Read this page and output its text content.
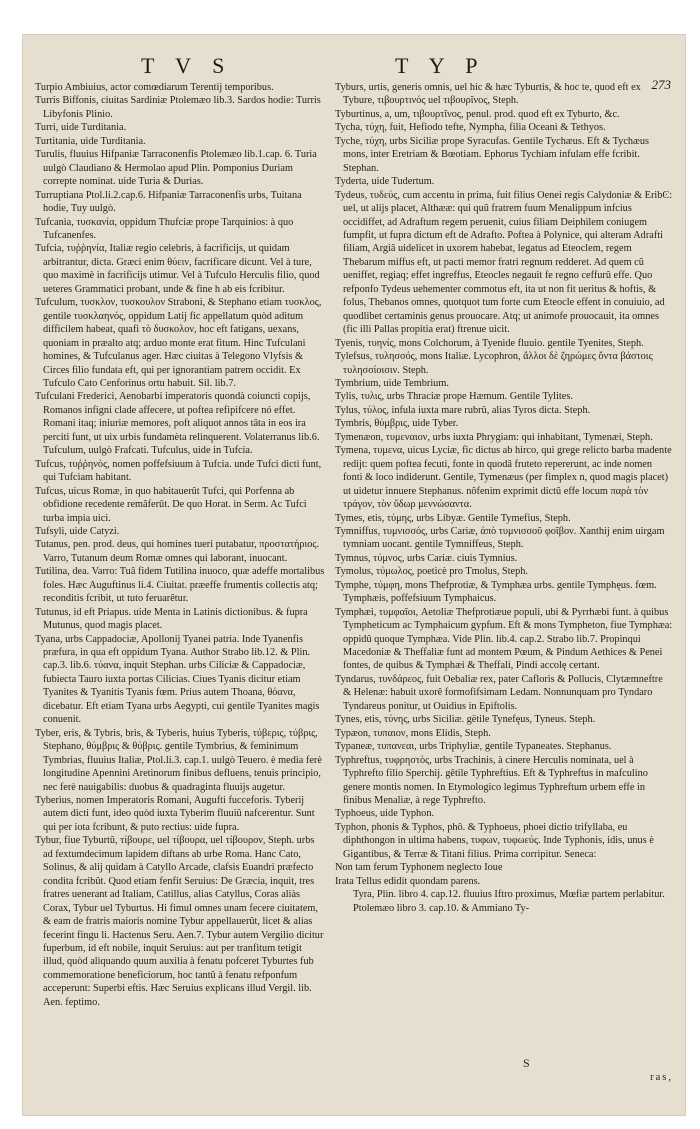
T V S	T Y P
273

Turpio Ambiuius, actor comœdiarum Terentij temporibus.

Turris Biffonis, ciuitas Sardiniæ Ptolemæo lib.3. Sardos hodie: Turris Libyfonis Plinio.

Turri, uide Turditania.

Turtitania, uide Turditania.

Turulis, fluuius Hifpaniæ Tarraconenfis Ptolemæo lib.1.cap. 6. Turia uulgò Claudiano & Hermolao apud Plin. Pomponius Duriam correpte nominat. uide Turia & Durias.

Turruptiana Ptol.li.2.cap.6. Hifpaniæ Tarraconenfis urbs, Tuitana hodie, Tuy uulgò.

Tufcania, τυσκανία, oppidum Thufciæ prope Tarquinios: à quo Tufcanenfes.

Tufcia, τυῤῥηνία, Italiæ regio celebris, à facrificijs, ut quidam arbitrantur, dicta. Græci enim θύειν, facrificare dicunt. Vel à ture, quo maximè in facrificijs utimur. Vel à Tufculo Herculis filio, quod ueteres Grammatici probant, unde & fine h ab eis fcribitur.

Tufculum, τυσκλον, τυσκουλον Straboni, & Stephano etiam τυσκλος, gentile τυσκλαηνός, oppidum Latij fic appellatum quòd aditum difficilem habeat, quafi τὸ δυσκολον, hoc eft fatigans, uexans, quoniam in præalto atq; arduo monte erat fitum. Hinc Tufculani homines, & Tufculanus ager. Hæc ciuitas à Telegono Vlyfsis & Circes filio fundata eft, qui per ignorantiam patrem occidit. Ex Tufculo Cato Cenforinus ortu habuit. Sil. lib.7.

Tufculani Frederici, Aenobarbi imperatoris quondà coiuncti copijs, Romanos infigni clade affecere, ut poftea refipifcere nó effet. Romani itaq; iniuriæ memores, poft aliquot annos tâta in eos ira perciti funt, ut uix urbis fundamèta relinquerent. Volaterranus lib.6. Tufculum, uulgò Frafcati. Tufculus, uide in Tufcia.

Tufcus, τυῤῥηνὸς, nomen poffefsiuum à Tufcia. unde Tufci dicti funt, qui Tufciam habitant.

Tufcus, uicus Romæ, in quo habitauerût Tufci, qui Porfenna ab obfidione recedente remâferût. De quo Horat. in Serm. Ac Tufci turba impia uici.

Tufsyli, uide Catyzi.

Tutanus, pen. prod. deus, qui homines tueri putabatur, προστατήριος. Varro, Tutanum deum Romæ omnes qui laborant, inuocant.

Tutilina, dea. Varro: Tuâ fidem Tutilina inuoco, quæ adeffe mortalibus foles. Hæc Auguftinus li.4. Ciuitat. præeffe frumentis collectis atq; reconditis fcribit, ut tuto feruarêtur.

Tutunus, id eft Priapus. uide Menta in Latinis dictionibus. & fupra Mutunus, quod magis placet.

Tyana, urbs Cappadociæ, Apollonij Tyanei patria. Inde Tyanenfis præfura, in qua eft oppidum Tyana. Author Strabo lib.12. & Plin. cap.3. lib.6. τύανα, inquit Stephan. urbs Ciliciæ & Cappadociæ, fubiecta Tauro iuxta portas Cilicias. Ciues Tyanis dicitur etiam Tyanites & Tyanitis Tyanis fœm. Prius autem Thoana, θόανα, dicebatur. Eft etiam Tyana urbs Aegypti, cui gentile Tyanites magis conuenit.

Tyber, eris, & Tybris, bris, & Tyberis, huius Tyberis, τύβερις, τύβρις, Stephano, θύμβρις & θύβρις. gentile Tymbrius, & feminimum Tymbrias, fluuius Italiæ, Ptol.li.3. cap.1. uulgò Teuero. è media ferè longitudine Apennini Aretinorum finibus defluens, tenuis principio, nec ferè nauigabilis: duobus & quadraginta fluuijs augetur.

Tyberius, nomen Imperatoris Romani, Augufti fucceforis. Tyberij autem dicti funt, ideo quòd iuxta Tyberim fluuiû nafcerentur. Sunt qui per iota fcribunt, & puto rectius: uide fupra.

Tybur, fiue Tyburtû, τίβουρε, uel τίβουρα, uel τίβουρον, Steph. urbs ad fextumdecimum lapidem diftans ab urbe Roma. Hanc Cato, Solinus, & alij quidam à Catyllo Arcade, clafsis Euandri præfecto condita fcribût. Quod etiam fenfit Seruius: De Græcia, inquit, tres fratres uenerant ad Italiam, Catillus, alias Catyllus, Coras aliàs Corax, Tybur uel Tyburtus. Hi fimul omnes unam fecere ciuitatem, & eam de fratris maioris nomine Tybur appellauerût, licet & alias fecerint fingu li. Hactenus Seru. Aen.7. Tybur autem Vergilio dicitur fuperbum, id eft nobile, inquit Seruius: aut per tranfitum tetigit illud, quòd aliquando quum auxilia à fenatu pofceret Tyburtes fub commemoratione beneficiorum, hoc tantû à fenatu refponfum acceperunt: Superbi eftis. Hæc Seruius explicans illud Vergil. lib. Aen. feptimo.

Tyburs, urtis, generis omnis, uel hic & hæc Tyburtis, & hoc te, quod eft ex Tybure, τιβουρτινός uel τιβουρῖνος, Steph.

Tyburtinus, a, um, τιβουρτῖνος, penul. prod. quod eft ex Tyburto, &c.

Tycha, τύχη, fuit, Hefiodo tefte, Nympha, filia Oceani & Tethyos.

Tyche, τύχη, urbs Siciliæ prope Syracufas. Gentile Tychæus. Eft & Tychæus mons, inter Eretriam & Bœotiam. Ephorus Tychiam infulam effe fcribit. Stephan.

Tyderta, uide Tudertum.

Tydeus, τυδεύς, cum accentu in prima, fuit filius Oenei regis Calydoniæ & EribϾ: uel, ut alijs placet, Althææ: qui quũ fratrem fuum Menalippum infcius occidiffet, ad Adraftum regem peruenit, cuius filiam Deiphilem coniugem fumpfit, ut fupra dictum eft de Adrafto. Poftea à Polynice, qui alteram Adrafti filiam, Argiâ uidelicet in uxorem habebat, legatus ad Eteoclem, regem Thebarum miffus eft, ut pacti memor fratri regnum redderet. Ad quem cũ ueniffet, regiaq; effet ingreffus, Eteocles negauit fe regno ceffurû effe. Quo refponfo Tydeus uehementer commotus eft, ita ut non fit ueritus & hoftis, & folus, Thebanos omnes, quotquot tum forte cum Eteocle effent in conuiuio, ad quodlibet certaminis genus prouocare. Atq; ut animofe prouocauit, ita omnes (fic illi Pallas propitia erat) ftrenue uicit.

Tyenis, τυηνίς, mons Colchorum, à Tyenide fluuio. gentile Tyenites, Steph.

Tylefsus, τυλησσός, mons Italiæ. Lycophron, ἄλλοι δὲ ζηρώμες ὄντα βάστοις τυλησσίοισιν. Steph.

Tymbrium, uide Tembrium.

Tylis, τυλις, urbs Thraciæ prope Hæmum. Gentile Tylites.

Tylus, τύλος, infula iuxta mare rubrû, alias Tyros dicta. Steph.

Tymbris, θύμβρις, uide Tyber.

Tymenæon, τυμεναιον, urbs iuxta Phrygiam: qui inhabitant, Tymenæi, Steph.

Tymena, τυμενα, uicus Lyciæ, fic dictus ab hirco, qui grege relicto barba madente redijt: quem poftea fecuti, fonte in quodâ fruteto repererunt, ac inde nomen fonti & loco indiderunt. Gentile, Tymenæus (per fimplex n, quod magis placet) ut uidetur innuere Stephanus. nôfenim exprimit dictũ effe locum παρὰ τὸν τράγον, τὸν ὕδωρ μεννώσαντα.

Tymes, etis, τύμης, urbs Libyæ. Gentile Tymefius, Steph.

Tymniffus, τυμνισσός, urbs Cariæ, ἀπὸ τυμνισσοῦ φοῖβον. Xanthij enim uirgam tymniam uocant. gentile Tymniffeus, Steph.

Tymnus, τύμνος, urbs Cariæ. ciuis Tymnius.

Tymolus, τύμωλος, poeticè pro Tmolus, Steph.

Tymphe, τύμφη, mons Thefprotiæ, & Tymphæa urbs. gentile Tymphęus. fœm. Tymphæis, poffefsiuum Tymphaicus.

Tymphæi, τυμφαῖοι, Aetoliæ Thefprotiæue populi, ubi & Pyrrhæbi funt. à quibus Tympheticum ac Tymphaicum gypfum. Eft & mons Tympheton, fiue Tymphæa: oppidû quoque Tymphæa. Vide Plin. lib.4. cap.2. Strabo lib.7. Propinqui Macedoniæ & Theffaliæ funt ad montem Pœum, & Pindum Aethices & Penei fontes, de quibus & Tymphæi & Theffali, Pindi accolę certant.

Tyndarus, τυνδάρεος, fuit Oebaliæ rex, pater Cafloris & Pollucis, Clytæmneftre & Helenæ: habuit uxorê formofifsimam Ledam. Nonnunquam pro Tyndaro Tyndareus ponitur, ut Ouidius in Epiftolis.

Tynes, etis, τύνης, urbs Siciliæ. gëtile Tynefęus, Tyneus. Steph.

Typæon, τυπαιον, mons Elidis, Steph.

Typaneæ, τυπανεαι, urbs Triphyliæ, gentile Typaneates. Stephanus.

Typhreftus, τυφρηστὸς, urbs Trachinis, à cinere Herculis nominata, uel à Typhrefto filio Sperchij. gêtile Typhreftius. Eft & Typhreftus in mafculino genere montis nomen. In Etymologico legimus Typhreftum urbem effe in finibus Menaliæ, à rege Typhrefto.

Typhoeus, uide Typhon.

Typhon, phonis & Typhos, phô. & Typhoeus, phoei dictio trifyllaba, eu diphthongon in ultima habens, τυφων, τυφωεύς. Inde Typhonis, idis, unus è Gigantibus, & Terræ & Titani filius. Prima corripitur. Seneca:

Non tam ferum Typhonem neglecto Ioue

Irata Tellus edidit quondam parens.

Tyra, Plin. libro 4. cap.12. fluuius Iftro proximus, Mœfiæ partem perlabitur. Ptolemæo libro 3. cap.10. & Ammiano Ty-

S
ras,
